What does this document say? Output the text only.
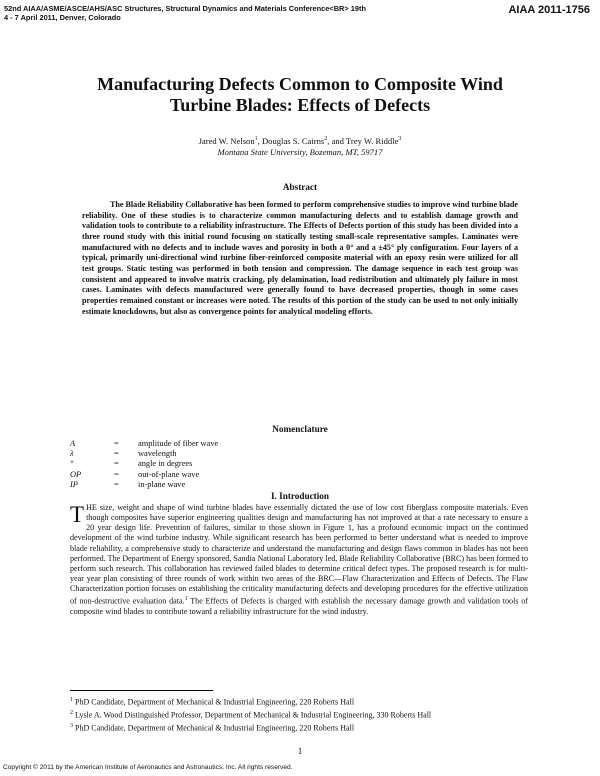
52nd AIAA/ASME/ASCE/AHS/ASC Structures, Structural Dynamics and Materials Conference<BR> 19th
4 - 7 April 2011, Denver, Colorado
AIAA 2011-1756
Manufacturing Defects Common to Composite Wind
Turbine Blades: Effects of Defects
Jared W. Nelson$^1$, Douglas S. Cairns$^2$, and Trey W. Riddle$^3$
Montana State University, Bozeman, MT, 59717
Abstract

The Blade Reliability Collaborative has been formed to perform comprehensive studies to improve wind turbine blade reliability. One of these studies is to characterize common manufacturing defects and to establish damage growth and validation tools to contribute to a reliability infrastructure. The Effects of Defects portion of this study has been divided into a three round study with this initial round focusing on statically testing small-scale representative samples. Laminates were manufactured with no defects and to include waves and porosity in both a 0° and a ±45° ply configuration. Four layers of a typical, primarily uni-directional wind turbine fiber-reinforced composite material with an epoxy resin were utilized for all test groups. Static testing was performed in both tension and compression. The damage sequence in each test group was consistent and appeared to involve matrix cracking, ply delamination, load redistribution and ultimately ply failure in most cases. Laminates with defects manufactured were generally found to have decreased properties, though in some cases properties remained constant or increases were noted. The results of this portion of the study can be used to not only initially estimate knockdowns, but also as convergence points for analytical modeling efforts.

Nomenclature
A	=	amplitude of fiber wave
λ	=	wavelength
°	=	angle in degrees
OP	=	out-of-plane wave
IP	=	in-plane wave
I. Introduction

THE size, weight and shape of wind turbine blades have essentially dictated the use of low cost fiberglass composite materials. Even though composites have superior engineering qualities design and manufacturing has not improved at that a rate necessary to ensure a 20 year design life. Prevention of failures, similar to those shown in Figure 1, has a profound economic impact on the continued development of the wind turbine industry. While significant research has been performed to better understand what is needed to improve blade reliability, a comprehensive study to characterize and understand the manufacturing and design flaws common in blades has not been performed. The Department of Energy sponsored, Sandia National Laboratory led, Blade Reliability Collaborative (BRC) has been formed to perform such research. This collaboration has reviewed failed blades to determine critical defect types. The proposed research is for multi-year year plan consisting of three rounds of work within two areas of the BRC—Flaw Characterization and Effects of Defects. The Flaw Characterization portion focuses on establishing the criticality manufacturing defects and developing procedures for the effective utilization of non-destructive evaluation data.$^1$ The Effects of Defects is charged with establish the necessary damage growth and validation tools of composite wind blades to contribute toward a reliability infrastructure for the wind industry.

$^1$ PhD Candidate, Department of Mechanical & Industrial Engineering, 220 Roberts Hall
$^2$ Lysle A. Wood Distinguished Professor, Department of Mechanical & Industrial Engineering, 330 Roberts Hall
$^3$ PhD Candidate, Department of Mechanical & Industrial Engineering, 220 Roberts Hall
1
Copyright © 2011 by the American Institute of Aeronautics and Astronautics, Inc. All rights reserved.
